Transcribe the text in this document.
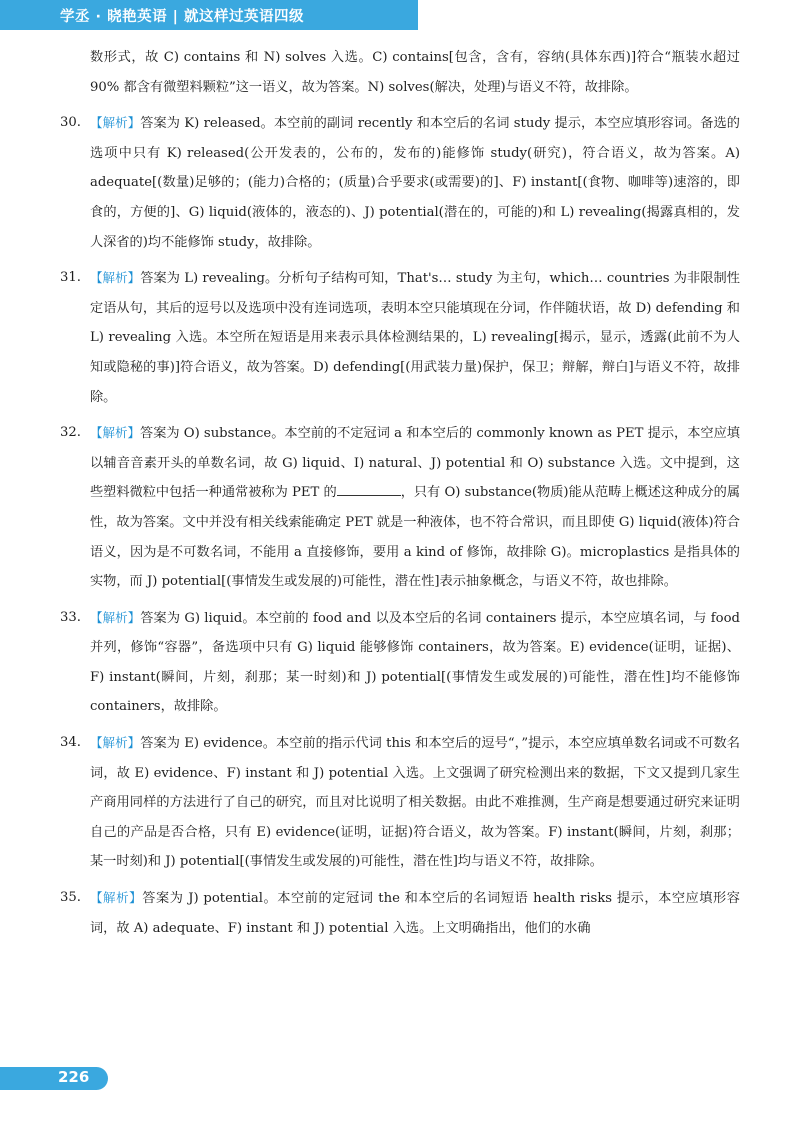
学丞 · 晓艳英语 | 就这样过英语四级

数形式，故 C) contains 和 N) solves 入选。C) contains[包含，含有，容纳(具体东西)]符合“瓶装水超过 90% 都含有微塑料颗粒”这一语义，故为答案。N) solves(解决，处理)与语义不符，故排除。

30. 【解析】答案为 K) released。本空前的副词 recently 和本空后的名词 study 提示，本空应填形容词。备选的选项中只有 K) released(公开发表的，公布的，发布的)能修饰 study(研究)，符合语义，故为答案。A) adequate[(数量)足够的；(能力)合格的；(质量)合乎要求(或需要)的]、F) instant[(食物、咖啡等)速溶的，即食的，方便的]、G) liquid(液体的，液态的)、J) potential(潜在的，可能的)和 L) revealing(揭露真相的，发人深省的)均不能修饰 study，故排除。
31. 【解析】答案为 L) revealing。分析句子结构可知，That's… study 为主句，which… countries 为非限制性定语从句，其后的逗号以及选项中没有连词选项，表明本空只能填现在分词，作伴随状语，故 D) defending 和 L) revealing 入选。本空所在短语是用来表示具体检测结果的，L) revealing[揭示，显示，透露(此前不为人知或隐秘的事)]符合语义，故为答案。D) defending[(用武装力量)保护，保卫；辩解，辩白]与语义不符，故排除。
32. 【解析】答案为 O) substance。本空前的不定冠词 a 和本空后的 commonly known as PET 提示，本空应填以辅音音素开头的单数名词，故 G) liquid、I) natural、J) potential 和 O) substance 入选。文中提到，这些塑料微粒中包括一种通常被称为 PET 的	，只有 O) substance(物质)能从范畴上概述这种成分的属性，故为答案。文中并没有相关线索能确定 PET 就是一种液体，也不符合常识，而且即使 G) liquid(液体)符合语义，因为是不可数名词，不能用 a 直接修饰，要用 a kind of 修饰，故排除 G)。microplastics 是指具体的实物，而 J) potential[(事情发生或发展的)可能性，潜在性]表示抽象概念，与语义不符，故也排除。
33. 【解析】答案为 G) liquid。本空前的 food and 以及本空后的名词 containers 提示，本空应填名词，与 food 并列，修饰“容器”，备选项中只有 G) liquid 能够修饰 containers，故为答案。E) evidence(证明，证据)、F) instant(瞬间，片刻，刹那；某一时刻)和 J) potential[(事情发生或发展的)可能性，潜在性]均不能修饰 containers，故排除。
34. 【解析】答案为 E) evidence。本空前的指示代词 this 和本空后的逗号“，”提示，本空应填单数名词或不可数名词，故 E) evidence、F) instant 和 J) potential 入选。上文强调了研究检测出来的数据，下文又提到几家生产商用同样的方法进行了自己的研究，而且对比说明了相关数据。由此不难推测，生产商是想要通过研究来证明自己的产品是否合格，只有 E) evidence(证明，证据)符合语义，故为答案。F) instant(瞬间，片刻，刹那；某一时刻)和 J) potential[(事情发生或发展的)可能性，潜在性]均与语义不符，故排除。
35. 【解析】答案为 J) potential。本空前的定冠词 the 和本空后的名词短语 health risks 提示，本空应填形容词，故 A) adequate、F) instant 和 J) potential 入选。上文明确指出，他们的水确
226
